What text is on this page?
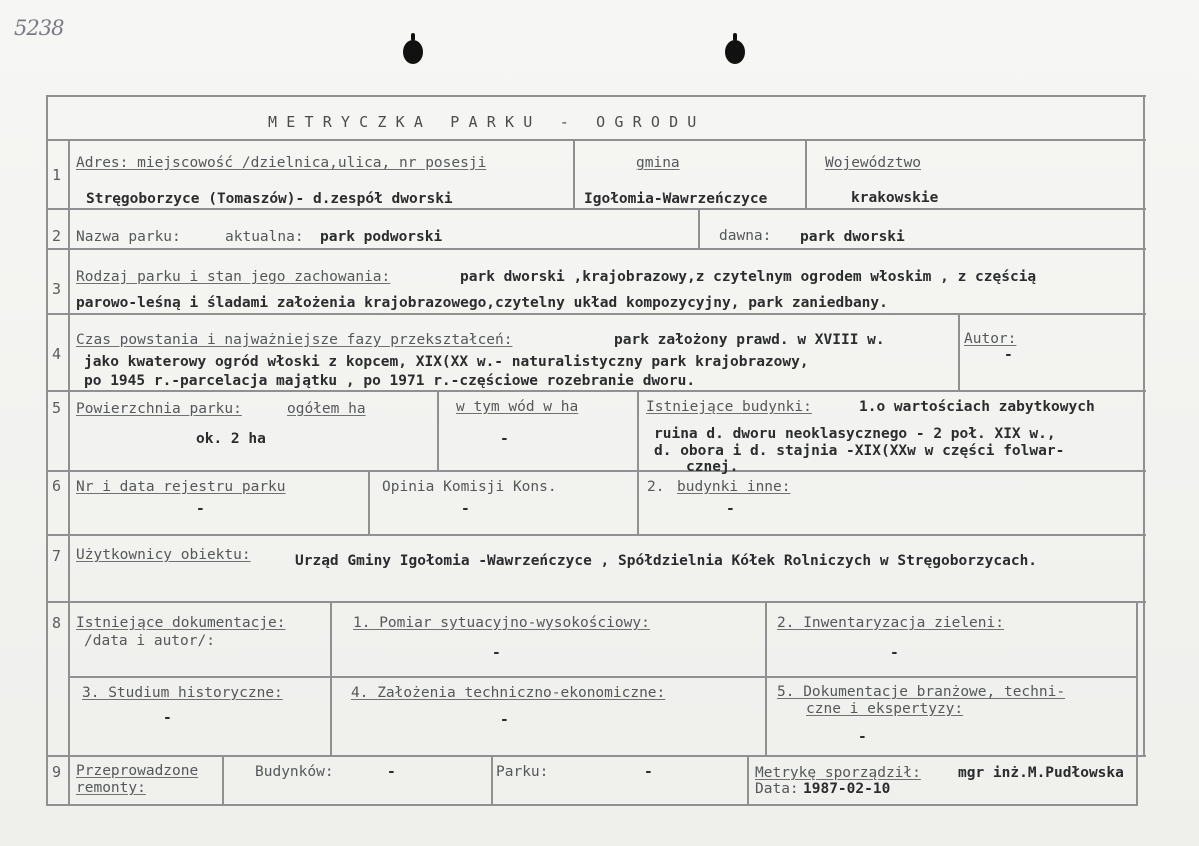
5238
METRYCZKA PARKU - OGRODU
1
Adres: miejscowość /dzielnica,ulica, nr posesji
Stręgoborzyce (Tomaszów)- d.zespół dworski
gmina
Igołomia-Wawrzeńczyce
Województwo
krakowskie
2 Nazwa parku:	aktualna: park podworski	dawna: park dworski
3
Rodzaj parku i stan jego zachowania:	park dworski ,krajobrazowy,z czytelnym ogrodem włoskim , z częścią
parowo-leśną i śladami założenia krajobrazowego,czytelny układ kompozycyjny, park zaniedbany.
4
Czas powstania i najważniejsze fazy przekształceń:	park założony prawd. w XVIII w.
jako kwaterowy ogród włoski z kopcem, XIX(XX w.- naturalistyczny park krajobrazowy,
po 1945 r.-parcelacja majątku , po 1971 r.-częściowe rozebranie dworu.
Autor:
-
5 Powierzchnia parku:	ogółem ha
ok. 2 ha
w tym wód w ha
-
Istniejące budynki:	1.o wartościach zabytkowych
ruina d. dworu neoklasycznego - 2 poł. XIX w.,
d. obora i d. stajnia -XIX(XXw w części folwar-
cznej.
6 Nr i data rejestru parku
-
Opinia Komisji Kons.
-
2. budynki inne:
-
7 Użytkownicy obiektu:	Urząd Gminy Igołomia -Wawrzeńczyce , Spółdzielnia Kółek Rolniczych w Stręgoborzycach.
8 Istniejące dokumentacje:
/data i autor/:
1. Pomiar sytuacyjno-wysokościowy:
-
2. Inwentaryzacja zieleni:
-
3. Studium historyczne:
-
4. Założenia techniczno-ekonomiczne:
-
5. Dokumentacje branżowe, techni-
czne i ekspertyzy:
-
9 Przeprowadzone
remonty:
Budynków:	-	Parku:	-	Metrykę sporządził:	mgr inż.M.Pudłowska
Data: 1987-02-10
